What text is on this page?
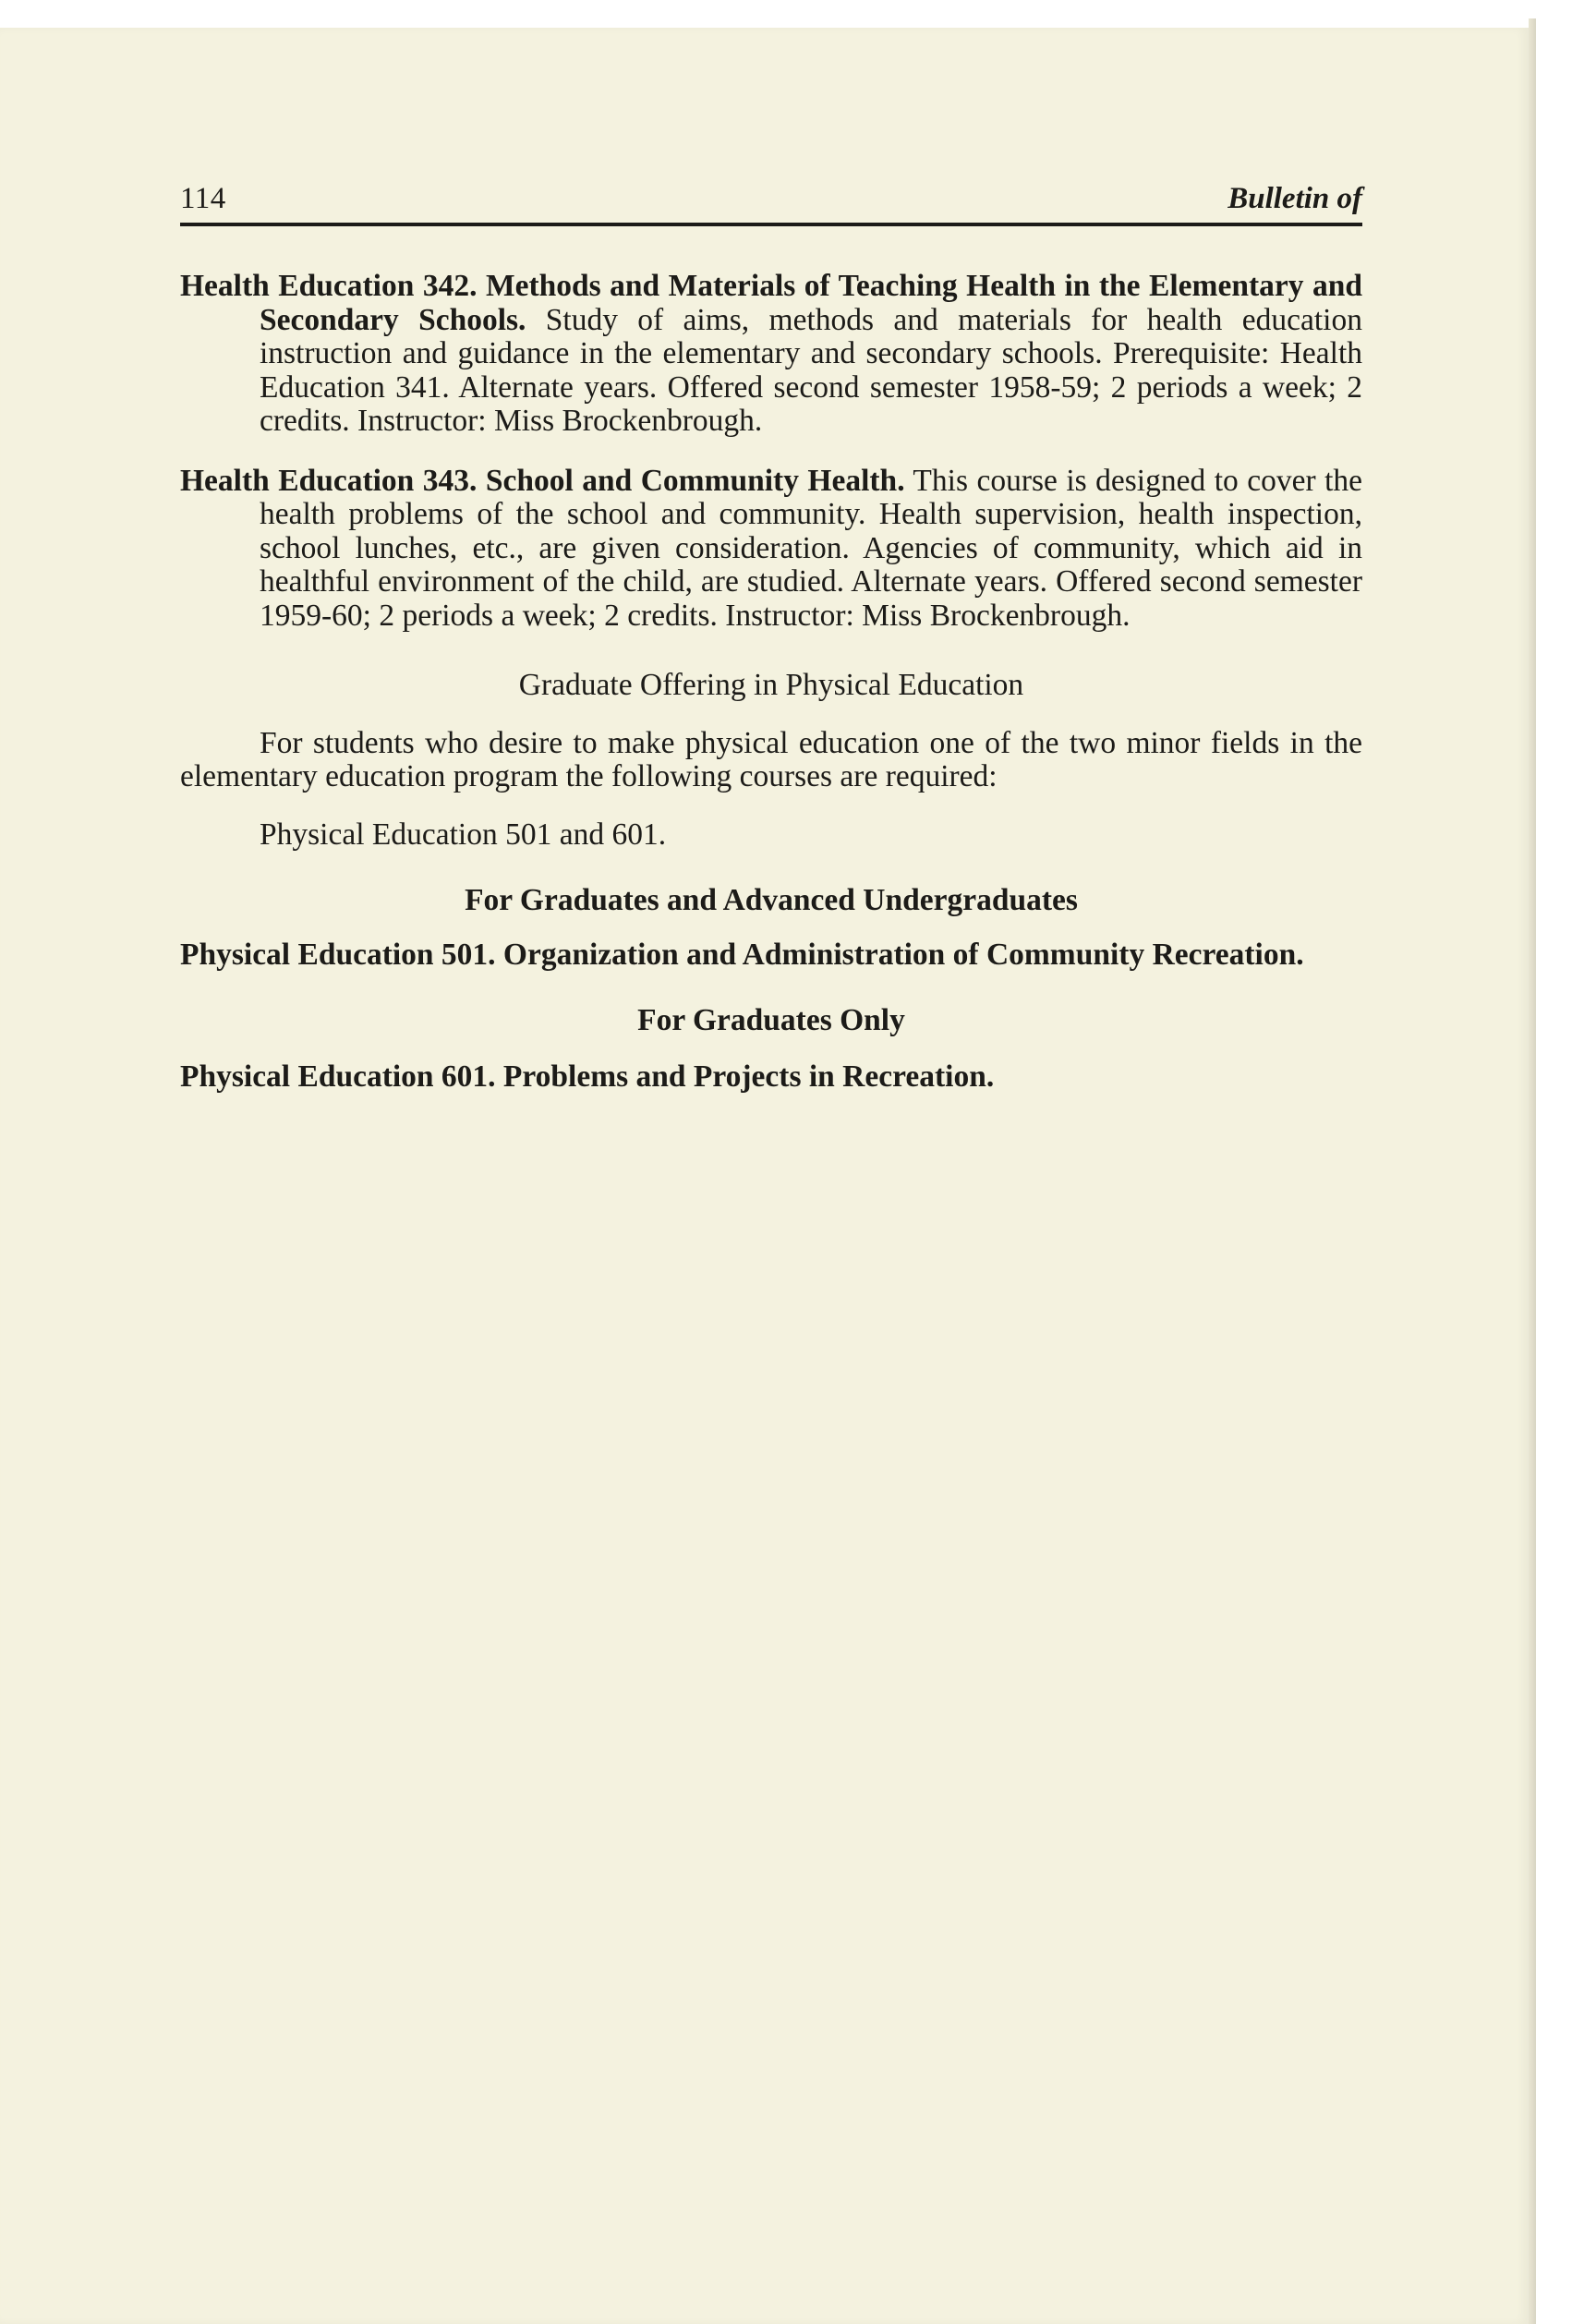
114	Bulletin of

Health Education 342. Methods and Materials of Teaching Health in the Elementary and Secondary Schools. Study of aims, methods and materials for health education instruction and guidance in the elementary and secondary schools. Prerequisite: Health Education 341. Alternate years. Offered second semester 1958-59; 2 periods a week; 2 credits. Instructor: Miss Brockenbrough.

Health Education 343. School and Community Health. This course is designed to cover the health problems of the school and community. Health supervision, health inspection, school lunches, etc., are given consideration. Agencies of community, which aid in healthful environment of the child, are studied. Alternate years. Offered second semester 1959-60; 2 periods a week; 2 credits. Instructor: Miss Brockenbrough.

Graduate Offering in Physical Education

For students who desire to make physical education one of the two minor fields in the elementary education program the following courses are required:

Physical Education 501 and 601.

For Graduates and Advanced Undergraduates

Physical Education 501. Organization and Administration of Community Recreation.

For Graduates Only

Physical Education 601. Problems and Projects in Recreation.
